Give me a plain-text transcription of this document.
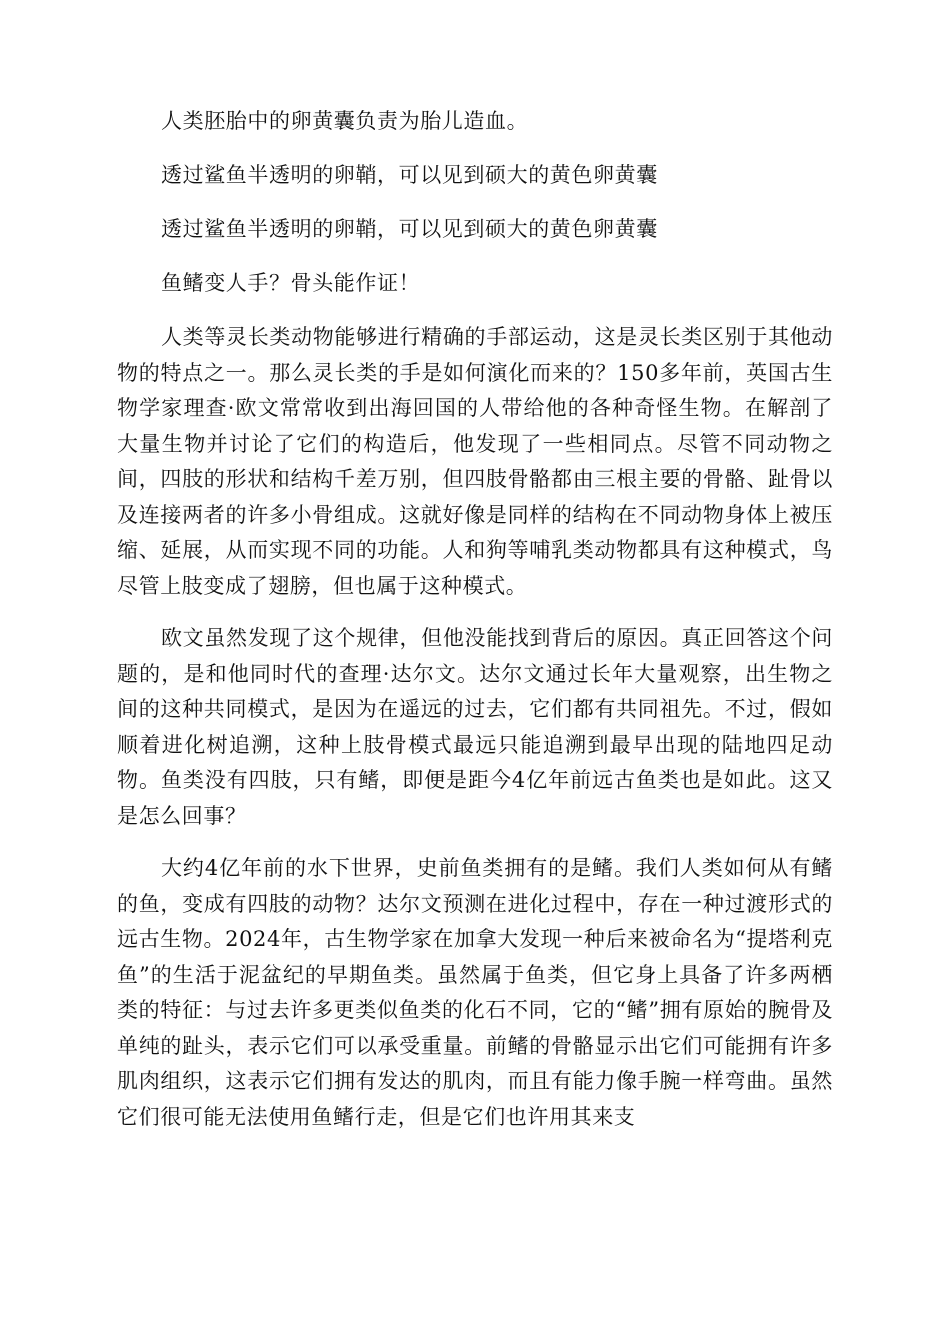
人类胚胎中的卵黄囊负责为胎儿造血。

透过鲨鱼半透明的卵鞘，可以见到硕大的黄色卵黄囊

透过鲨鱼半透明的卵鞘，可以见到硕大的黄色卵黄囊

鱼鳍变人手？骨头能作证！

人类等灵长类动物能够进行精确的手部运动，这是灵长类区别于其他动物的特点之一。那么灵长类的手是如何演化而来的？150多年前，英国古生物学家理查·欧文常常收到出海回国的人带给他的各种奇怪生物。在解剖了大量生物并讨论了它们的构造后，他发现了一些相同点。尽管不同动物之间，四肢的形状和结构千差万别，但四肢骨骼都由三根主要的骨骼、趾骨以及连接两者的许多小骨组成。这就好像是同样的结构在不同动物身体上被压缩、延展，从而实现不同的功能。人和狗等哺乳类动物都具有这种模式，鸟尽管上肢变成了翅膀，但也属于这种模式。

欧文虽然发现了这个规律，但他没能找到背后的原因。真正回答这个问题的，是和他同时代的查理·达尔文。达尔文通过长年大量观察，出生物之间的这种共同模式，是因为在遥远的过去，它们都有共同祖先。不过，假如顺着进化树追溯，这种上肢骨模式最远只能追溯到最早出现的陆地四足动物。鱼类没有四肢，只有鳍，即便是距今4亿年前远古鱼类也是如此。这又是怎么回事？

大约4亿年前的水下世界，史前鱼类拥有的是鳍。我们人类如何从有鳍的鱼，变成有四肢的动物？达尔文预测在进化过程中，存在一种过渡形式的远古生物。2024年，古生物学家在加拿大发现一种后来被命名为“提塔利克鱼”的生活于泥盆纪的早期鱼类。虽然属于鱼类，但它身上具备了许多两栖类的特征：与过去许多更类似鱼类的化石不同，它的“鳍”拥有原始的腕骨及单纯的趾头，表示它们可以承受重量。前鳍的骨骼显示出它们可能拥有许多肌肉组织，这表示它们拥有发达的肌肉，而且有能力像手腕一样弯曲。虽然它们很可能无法使用鱼鳍行走，但是它们也许用其来支
